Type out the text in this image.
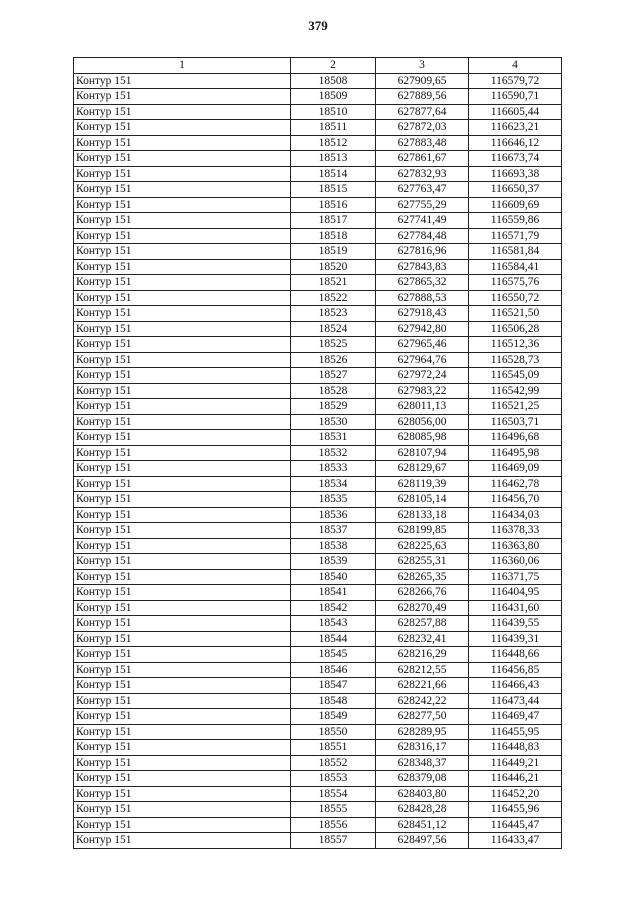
379
1	2	3	4
Контур 151	18508	627909,65	116579,72
Контур 151	18509	627889,56	116590,71
Контур 151	18510	627877,64	116605,44
Контур 151	18511	627872,03	116623,21
Контур 151	18512	627883,48	116646,12
Контур 151	18513	627861,67	116673,74
Контур 151	18514	627832,93	116693,38
Контур 151	18515	627763,47	116650,37
Контур 151	18516	627755,29	116609,69
Контур 151	18517	627741,49	116559,86
Контур 151	18518	627784,48	116571,79
Контур 151	18519	627816,96	116581,84
Контур 151	18520	627843,83	116584,41
Контур 151	18521	627865,32	116575,76
Контур 151	18522	627888,53	116550,72
Контур 151	18523	627918,43	116521,50
Контур 151	18524	627942,80	116506,28
Контур 151	18525	627965,46	116512,36
Контур 151	18526	627964,76	116528,73
Контур 151	18527	627972,24	116545,09
Контур 151	18528	627983,22	116542,99
Контур 151	18529	628011,13	116521,25
Контур 151	18530	628056,00	116503,71
Контур 151	18531	628085,98	116496,68
Контур 151	18532	628107,94	116495,98
Контур 151	18533	628129,67	116469,09
Контур 151	18534	628119,39	116462,78
Контур 151	18535	628105,14	116456,70
Контур 151	18536	628133,18	116434,03
Контур 151	18537	628199,85	116378,33
Контур 151	18538	628225,63	116363,80
Контур 151	18539	628255,31	116360,06
Контур 151	18540	628265,35	116371,75
Контур 151	18541	628266,76	116404,95
Контур 151	18542	628270,49	116431,60
Контур 151	18543	628257,88	116439,55
Контур 151	18544	628232,41	116439,31
Контур 151	18545	628216,29	116448,66
Контур 151	18546	628212,55	116456,85
Контур 151	18547	628221,66	116466,43
Контур 151	18548	628242,22	116473,44
Контур 151	18549	628277,50	116469,47
Контур 151	18550	628289,95	116455,95
Контур 151	18551	628316,17	116448,83
Контур 151	18552	628348,37	116449,21
Контур 151	18553	628379,08	116446,21
Контур 151	18554	628403,80	116452,20
Контур 151	18555	628428,28	116455,96
Контур 151	18556	628451,12	116445,47
Контур 151	18557	628497,56	116433,47
